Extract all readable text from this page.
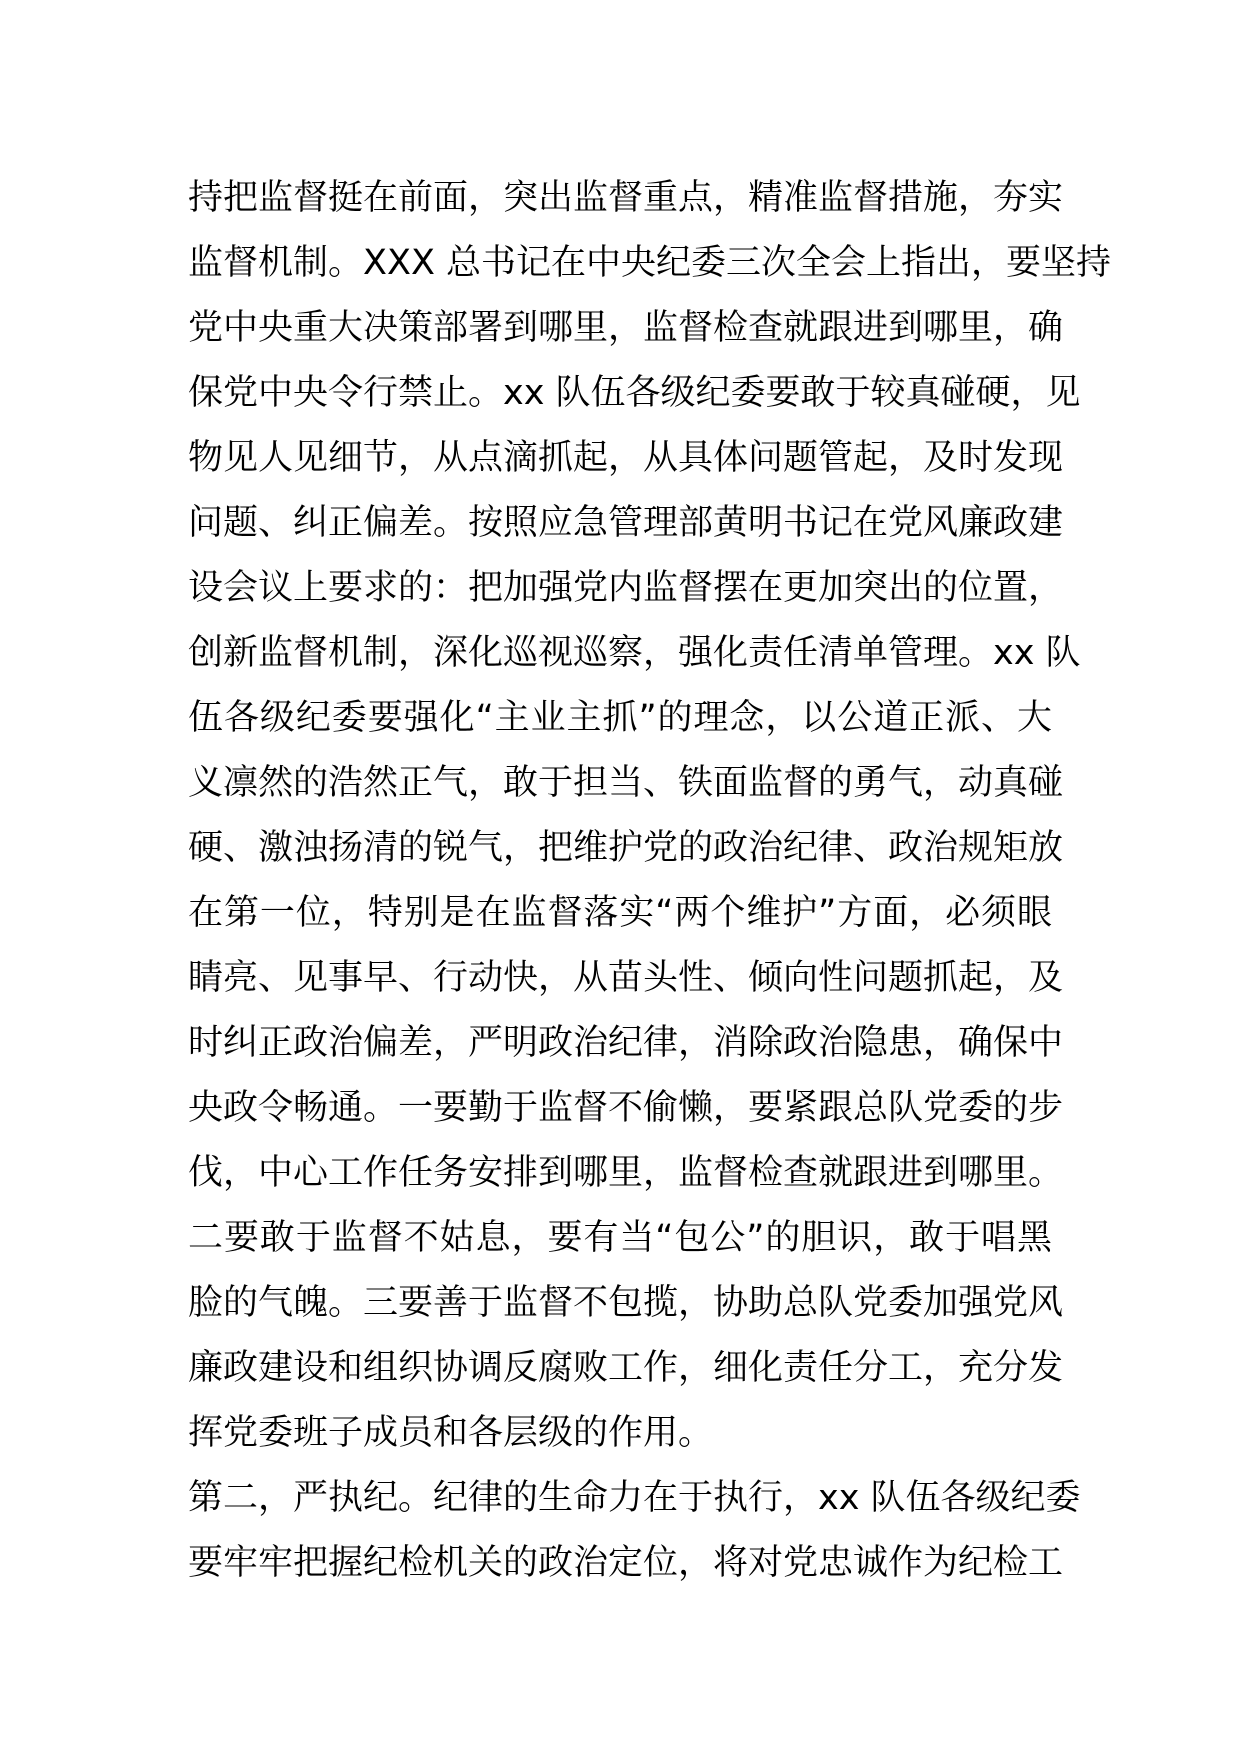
持把监督挺在前面，突出监督重点，精准监督措施，夯实
监督机制。XXX 总书记在中央纪委三次全会上指出，要坚持
党中央重大决策部署到哪里，监督检查就跟进到哪里，确
保党中央令行禁止。xx 队伍各级纪委要敢于较真碰硬，见
物见人见细节，从点滴抓起，从具体问题管起，及时发现
问题、纠正偏差。按照应急管理部黄明书记在党风廉政建
设会议上要求的：把加强党内监督摆在更加突出的位置，
创新监督机制，深化巡视巡察，强化责任清单管理。xx 队
伍各级纪委要强化“主业主抓”的理念，以公道正派、大
义凛然的浩然正气，敢于担当、铁面监督的勇气，动真碰
硬、激浊扬清的锐气，把维护党的政治纪律、政治规矩放
在第一位，特别是在监督落实“两个维护”方面，必须眼
睛亮、见事早、行动快，从苗头性、倾向性问题抓起，及
时纠正政治偏差，严明政治纪律，消除政治隐患，确保中
央政令畅通。一要勤于监督不偷懒，要紧跟总队党委的步
伐，中心工作任务安排到哪里，监督检查就跟进到哪里。
二要敢于监督不姑息，要有当“包公”的胆识，敢于唱黑
脸的气魄。三要善于监督不包揽，协助总队党委加强党风
廉政建设和组织协调反腐败工作，细化责任分工，充分发
挥党委班子成员和各层级的作用。
第二，严执纪。纪律的生命力在于执行，xx 队伍各级纪委
要牢牢把握纪检机关的政治定位，将对党忠诚作为纪检工
